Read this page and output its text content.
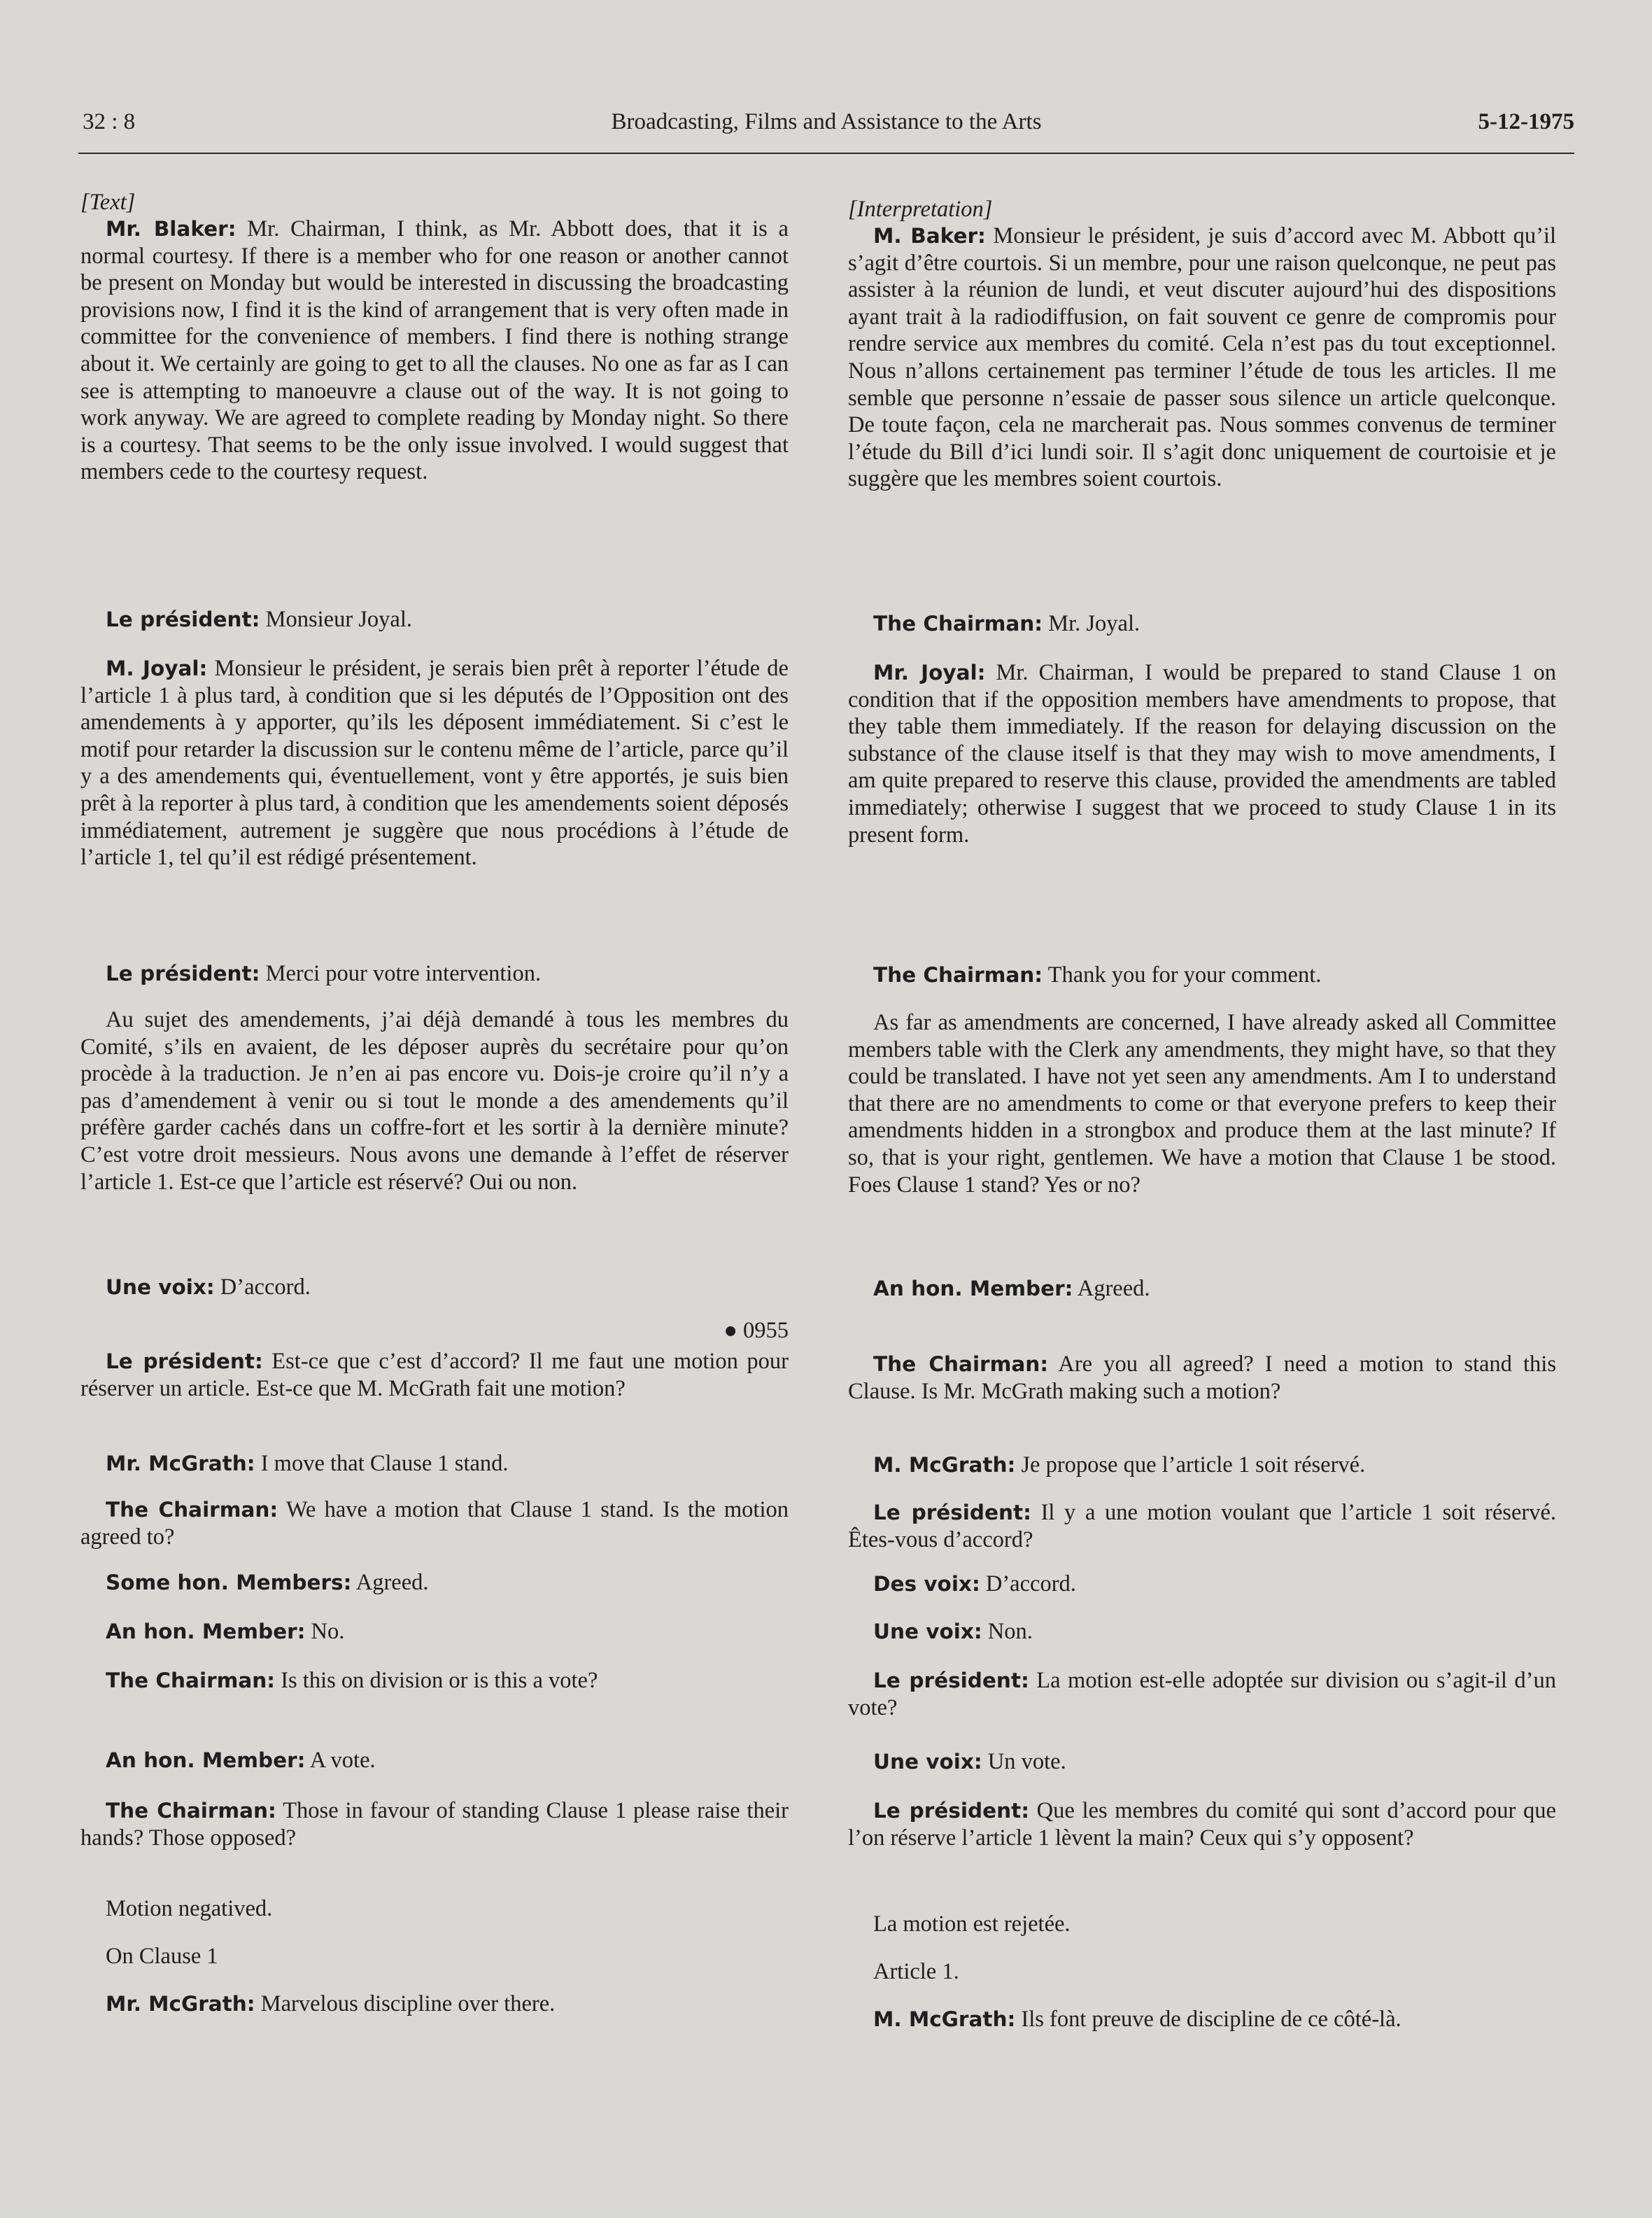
32 : 8	Broadcasting, Films and Assistance to the Arts	5-12-1975

[Text]

Mr. Blaker: Mr. Chairman, I think, as Mr. Abbott does, that it is a normal courtesy. If there is a member who for one reason or another cannot be present on Monday but would be interested in discussing the broadcasting provisions now, I find it is the kind of arrangement that is very often made in committee for the convenience of members. I find there is nothing strange about it. We certainly are going to get to all the clauses. No one as far as I can see is attempting to manoeuvre a clause out of the way. It is not going to work anyway. We are agreed to complete reading by Monday night. So there is a courtesy. That seems to be the only issue involved. I would suggest that members cede to the courtesy request.

Le président: Monsieur Joyal.

M. Joyal: Monsieur le président, je serais bien prêt à reporter l’étude de l’article 1 à plus tard, à condition que si les députés de l’Opposition ont des amendements à y apporter, qu’ils les déposent immédiatement. Si c’est le motif pour retarder la discussion sur le contenu même de l’article, parce qu’il y a des amendements qui, éventuellement, vont y être apportés, je suis bien prêt à la reporter à plus tard, à condition que les amendements soient déposés immédiatement, autrement je suggère que nous procédions à l’étude de l’article 1, tel qu’il est rédigé présentement.

Le président: Merci pour votre intervention.

Au sujet des amendements, j’ai déjà demandé à tous les membres du Comité, s’ils en avaient, de les déposer auprès du secrétaire pour qu’on procède à la traduction. Je n’en ai pas encore vu. Dois-je croire qu’il n’y a pas d’amendement à venir ou si tout le monde a des amendements qu’il préfère garder cachés dans un coffre-fort et les sortir à la dernière minute? C’est votre droit messieurs. Nous avons une demande à l’effet de réserver l’article 1. Est-ce que l’article est réservé? Oui ou non.

Une voix: D’accord.

● 0955

Le président: Est-ce que c’est d’accord? Il me faut une motion pour réserver un article. Est-ce que M. McGrath fait une motion?

Mr. McGrath: I move that Clause 1 stand.

The Chairman: We have a motion that Clause 1 stand. Is the motion agreed to?

Some hon. Members: Agreed.

An hon. Member: No.

The Chairman: Is this on division or is this a vote?

An hon. Member: A vote.

The Chairman: Those in favour of standing Clause 1 please raise their hands? Those opposed?

Motion negatived.

On Clause 1

Mr. McGrath: Marvelous discipline over there.

[Interpretation]

M. Baker: Monsieur le président, je suis d’accord avec M. Abbott qu’il s’agit d’être courtois. Si un membre, pour une raison quelconque, ne peut pas assister à la réunion de lundi, et veut discuter aujourd’hui des dispositions ayant trait à la radiodiffusion, on fait souvent ce genre de compromis pour rendre service aux membres du comité. Cela n’est pas du tout exceptionnel. Nous n’allons certainement pas terminer l’étude de tous les articles. Il me semble que personne n’essaie de passer sous silence un article quelconque. De toute façon, cela ne marcherait pas. Nous sommes convenus de terminer l’étude du Bill d’ici lundi soir. Il s’agit donc uniquement de courtoisie et je suggère que les membres soient courtois.

The Chairman: Mr. Joyal.

Mr. Joyal: Mr. Chairman, I would be prepared to stand Clause 1 on condition that if the opposition members have amendments to propose, that they table them immediately. If the reason for delaying discussion on the substance of the clause itself is that they may wish to move amendments, I am quite prepared to reserve this clause, provided the amendments are tabled immediately; otherwise I suggest that we proceed to study Clause 1 in its present form.

The Chairman: Thank you for your comment.

As far as amendments are concerned, I have already asked all Committee members table with the Clerk any amendments, they might have, so that they could be translated. I have not yet seen any amendments. Am I to understand that there are no amendments to come or that everyone prefers to keep their amendments hidden in a strongbox and produce them at the last minute? If so, that is your right, gentlemen. We have a motion that Clause 1 be stood. Foes Clause 1 stand? Yes or no?

An hon. Member: Agreed.

The Chairman: Are you all agreed? I need a motion to stand this Clause. Is Mr. McGrath making such a motion?

M. McGrath: Je propose que l’article 1 soit réservé.

Le président: Il y a une motion voulant que l’article 1 soit réservé. Êtes-vous d’accord?

Des voix: D’accord.

Une voix: Non.

Le président: La motion est-elle adoptée sur division ou s’agit-il d’un vote?

Une voix: Un vote.

Le président: Que les membres du comité qui sont d’accord pour que l’on réserve l’article 1 lèvent la main? Ceux qui s’y opposent?

La motion est rejetée.

Article 1.

M. McGrath: Ils font preuve de discipline de ce côté-là.
